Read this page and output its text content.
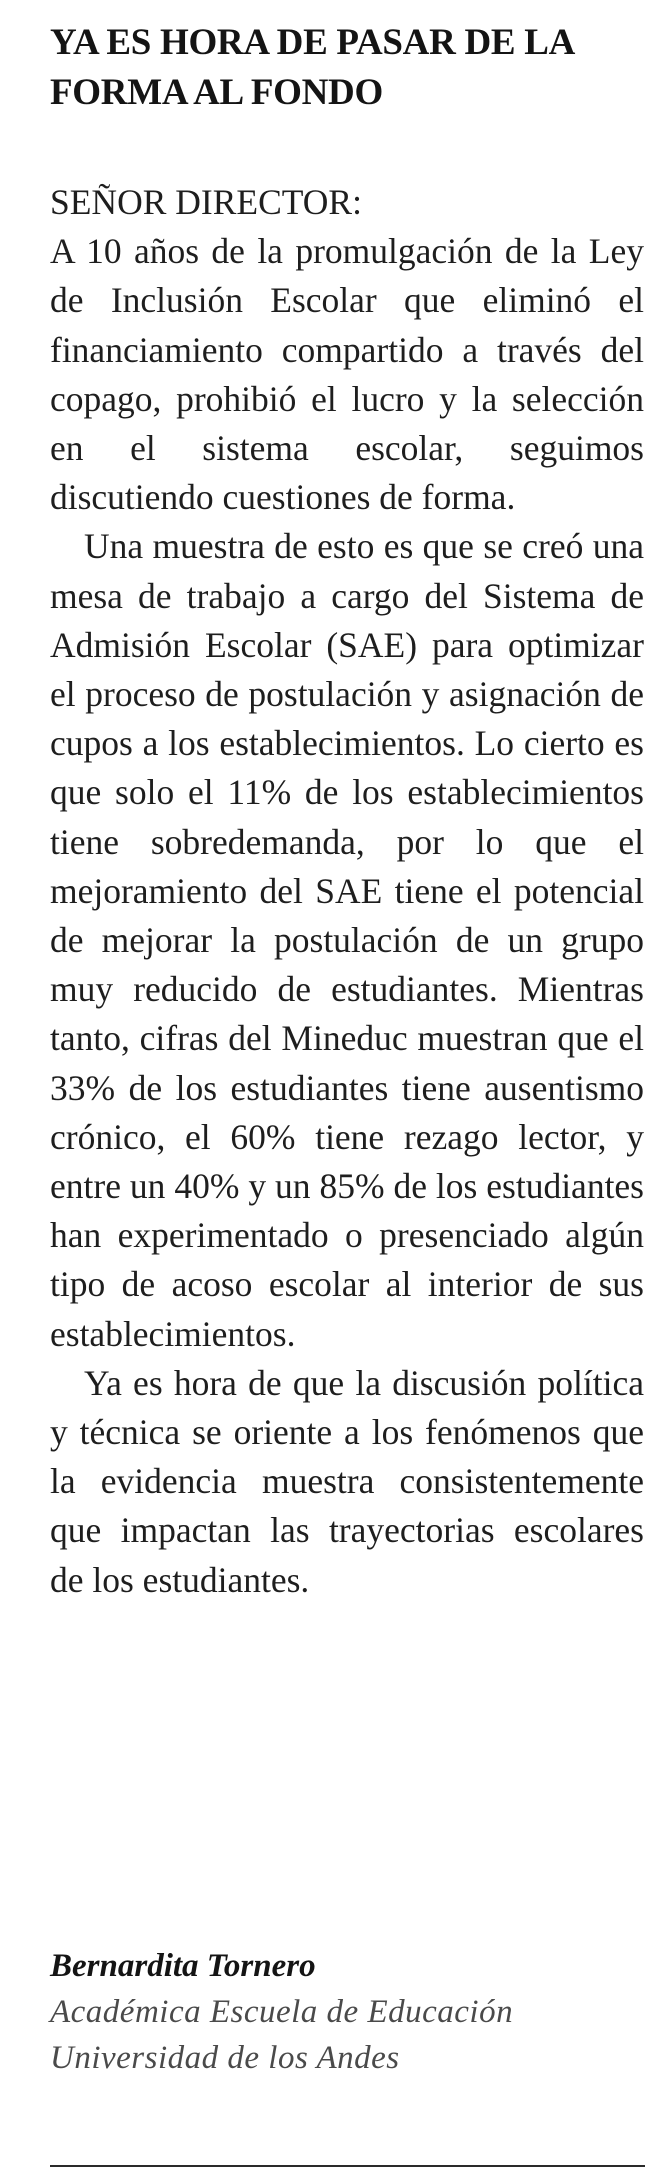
YA ES HORA DE PASAR DE LA FORMA AL FONDO

SEÑOR DIRECTOR:

A 10 años de la promulgación de la Ley de Inclusión Escolar que eliminó el financiamiento compartido a través del copago, prohibió el lucro y la selección en el sistema escolar, seguimos discutiendo cuestiones de forma.

Una muestra de esto es que se creó una mesa de trabajo a cargo del Sistema de Admisión Escolar (SAE) para optimizar el proceso de postulación y asignación de cupos a los establecimientos. Lo cierto es que solo el 11% de los establecimientos tiene sobredemanda, por lo que el mejoramiento del SAE tiene el potencial de mejorar la postulación de un grupo muy reducido de estudiantes. Mientras tanto, cifras del Mineduc muestran que el 33% de los estudiantes tiene ausentismo crónico, el 60% tiene rezago lector, y entre un 40% y un 85% de los estudiantes han experimentado o presenciado algún tipo de acoso escolar al interior de sus establecimientos.

Ya es hora de que la discusión política y técnica se oriente a los fenómenos que la evidencia muestra consistentemente que impactan las trayectorias escolares de los estudiantes.

Bernardita Tornero
Académica Escuela de Educación
Universidad de los Andes
